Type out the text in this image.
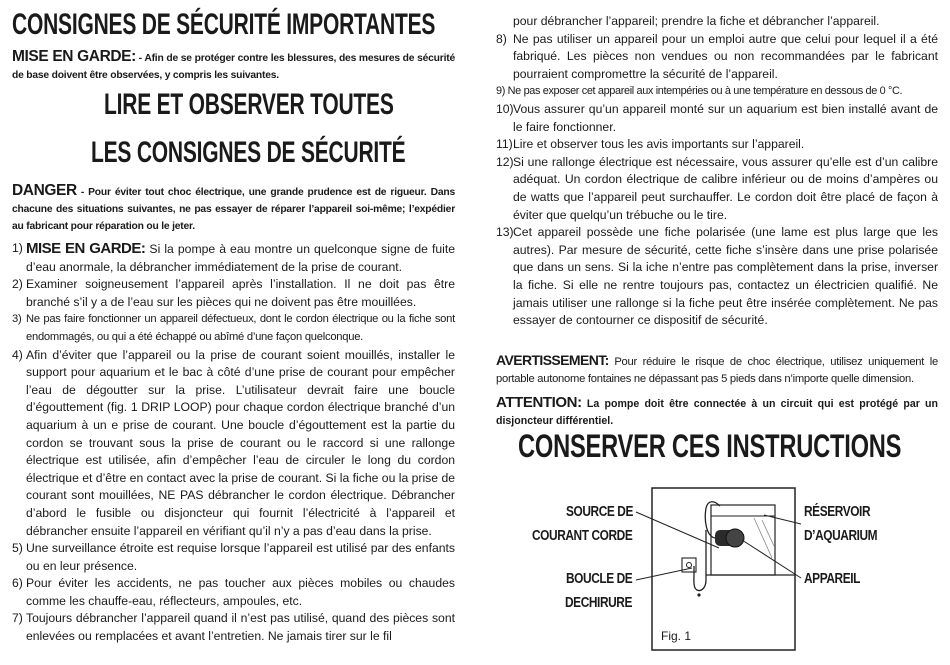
CONSIGNES DE SÉCURITÉ IMPORTANTES
MISE EN GARDE: - Afin de se protéger contre les blessures, des mesures de sécurité de base doivent être observées, y compris les suivantes.
LIRE ET OBSERVER TOUTES
LES CONSIGNES DE SÉCURITÉ
DANGER - Pour éviter tout choc électrique, une grande prudence est de rigueur. Dans chacune des situations suivantes, ne pas essayer de réparer l’appareil soi-même; l’expédier au fabricant pour réparation ou le jeter.
1) MISE EN GARDE: Si la pompe à eau montre un quelconque signe de fuite d’eau anormale, la débrancher immédiatement de la prise de courant.
2) Examiner soigneusement l’appareil après l’installation. Il ne doit pas être branché s’il y a de l’eau sur les pièces qui ne doivent pas être mouillées.
3) Ne pas faire fonctionner un appareil défectueux, dont le cordon électrique ou la fiche sont endommagés, ou qui a été échappé ou abîmé d’une façon quelconque.
4) Afin d’éviter que l’appareil ou la prise de courant soient mouillés, installer le support pour aquarium et le bac à côté d’une prise de courant pour empêcher l’eau de dégoutter sur la prise. L’utilisateur devrait faire une boucle d’égouttement (fig. 1 DRIP LOOP) pour chaque cordon électrique branché d’un aquarium à un e prise de courant. Une boucle d’égouttement est la partie du cordon se trouvant sous la prise de courant ou le raccord si une rallonge électrique est utilisée, afin d’empêcher l’eau de circuler le long du cordon électrique et d’être en contact avec la prise de courant. Si la fiche ou la prise de courant sont mouillées, NE PAS débrancher le cordon électrique. Débrancher d’abord le fusible ou disjoncteur qui fournit l’électricité à l’appareil et débrancher ensuite l’appareil en vérifiant qu’il n’y a pas d’eau dans la prise.
5) Une surveillance étroite est requise lorsque l’appareil est utilisé par des enfants ou en leur présence.
6) Pour éviter les accidents, ne pas toucher aux pièces mobiles ou chaudes comme les chauffe-eau, réflecteurs, ampoules, etc.
7) Toujours débrancher l’appareil quand il n’est pas utilisé, quand des pièces sont enlevées ou remplacées et avant l’entretien. Ne jamais tirer sur le fil
pour débrancher l’appareil; prendre la fiche et débrancher l’appareil.
8) Ne pas utiliser un appareil pour un emploi autre que celui pour lequel il a été fabriqué. Les pièces non vendues ou non recommandées par le fabricant pourraient compromettre la sécurité de l’appareil.
9) Ne pas exposer cet appareil aux intempéries ou à une température en dessous de 0 °C.
10) Vous assurer qu’un appareil monté sur un aquarium est bien installé avant de le faire fonctionner.
11) Lire et observer tous les avis importants sur l’appareil.
12) Si une rallonge électrique est nécessaire, vous assurer qu’elle est d’un calibre adéquat. Un cordon électrique de calibre inférieur ou de moins d’ampères ou de watts que l’appareil peut surchauffer. Le cordon doit être placé de façon à éviter que quelqu’un trébuche ou le tire.
13) Cet appareil possède une fiche polarisée (une lame est plus large que les autres). Par mesure de sécurité, cette fiche s’insère dans une prise polarisée que dans un sens. Si la iche n’entre pas complètement dans la prise, inverser la fiche. Si elle ne rentre toujours pas, contactez un électricien qualifié. Ne jamais utiliser une rallonge si la fiche peut être insérée complètement. Ne pas essayer de contourner ce dispositif de sécurité.
AVERTISSEMENT: Pour réduire le risque de choc électrique, utilisez uniquement le portable autonome fontaines ne dépassant pas 5 pieds dans n’importe quelle dimension.
ATTENTION: La pompe doit être connectée à un circuit qui est protégé par un disjoncteur différentiel.
CONSERVER CES INSTRUCTIONS
SOURCE DE
COURANT CORDE
BOUCLE DE
DECHIRURE
RÉSERVOIR
D’AQUARIUM
APPAREIL
Fig. 1
